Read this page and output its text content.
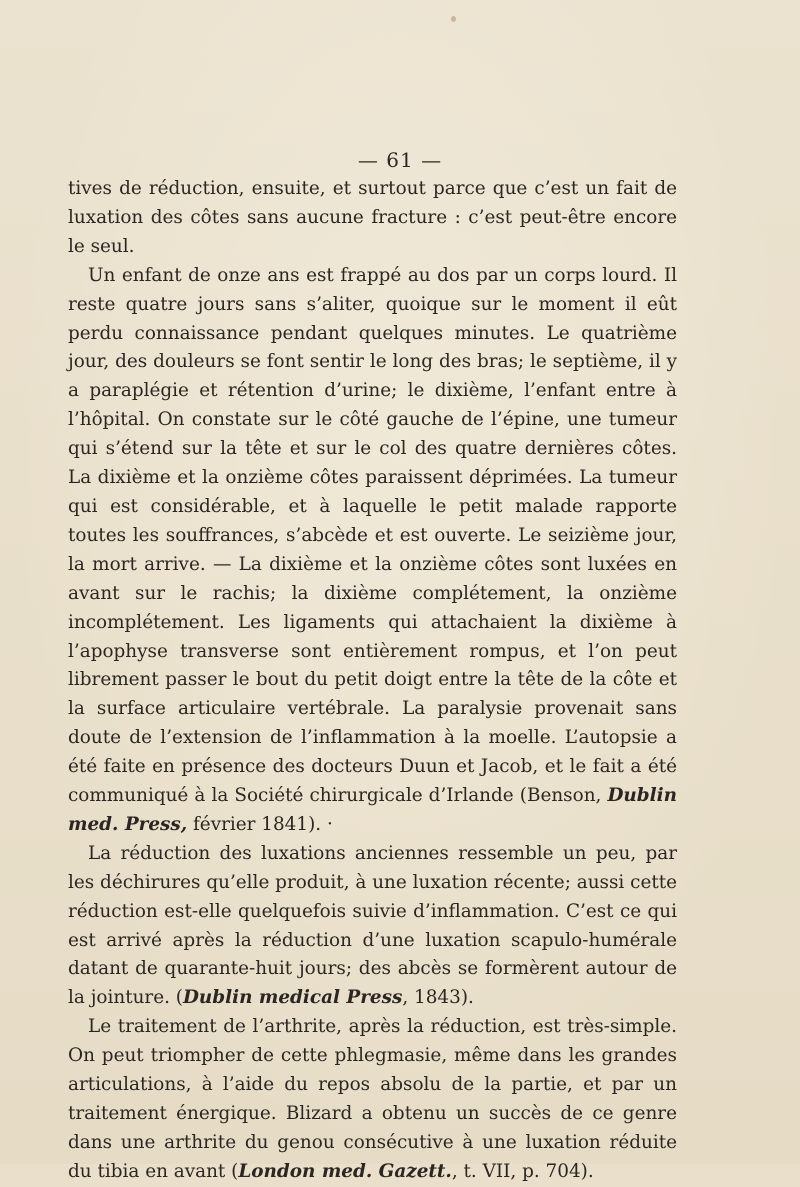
— 61 —

tives de réduction, ensuite, et surtout parce que c’est un fait de luxation des côtes sans aucune fracture : c’est peut-être encore le seul.

Un enfant de onze ans est frappé au dos par un corps lourd. Il reste quatre jours sans s’aliter, quoique sur le moment il eût perdu connaissance pendant quelques minutes. Le quatrième jour, des douleurs se font sentir le long des bras; le septième, il y a paraplégie et rétention d’urine; le dixième, l’enfant entre à l’hôpital. On constate sur le côté gauche de l’épine, une tumeur qui s’étend sur la tête et sur le col des quatre dernières côtes. La dixième et la onzième côtes paraissent déprimées. La tumeur qui est considérable, et à laquelle le petit malade rapporte toutes les souffrances, s’abcède et est ouverte. Le seizième jour, la mort arrive. — La dixième et la onzième côtes sont luxées en avant sur le rachis; la dixième complétement, la onzième incomplétement. Les ligaments qui attachaient la dixième à l’apophyse transverse sont entièrement rompus, et l’on peut librement passer le bout du petit doigt entre la tête de la côte et la surface articulaire vertébrale. La paralysie provenait sans doute de l’extension de l’inflammation à la moelle. L’autopsie a été faite en présence des docteurs Duun et Jacob, et le fait a été communiqué à la Société chirurgicale d’Irlande (Benson, Dublin med. Press, février 1841). ·

La réduction des luxations anciennes ressemble un peu, par les déchirures qu’elle produit, à une luxation récente; aussi cette réduction est-elle quelquefois suivie d’inflammation. C’est ce qui est arrivé après la réduction d’une luxation scapulo-humérale datant de quarante-huit jours; des abcès se formèrent autour de la jointure. (Dublin medical Press, 1843).

Le traitement de l’arthrite, après la réduction, est très-simple. On peut triompher de cette phlegmasie, même dans les grandes articulations, à l’aide du repos absolu de la partie, et par un traitement énergique. Blizard a obtenu un succès de ce genre dans une arthrite du genou consécutive à une luxation réduite du tibia en avant (London med. Gazett., t. VII, p. 704).
